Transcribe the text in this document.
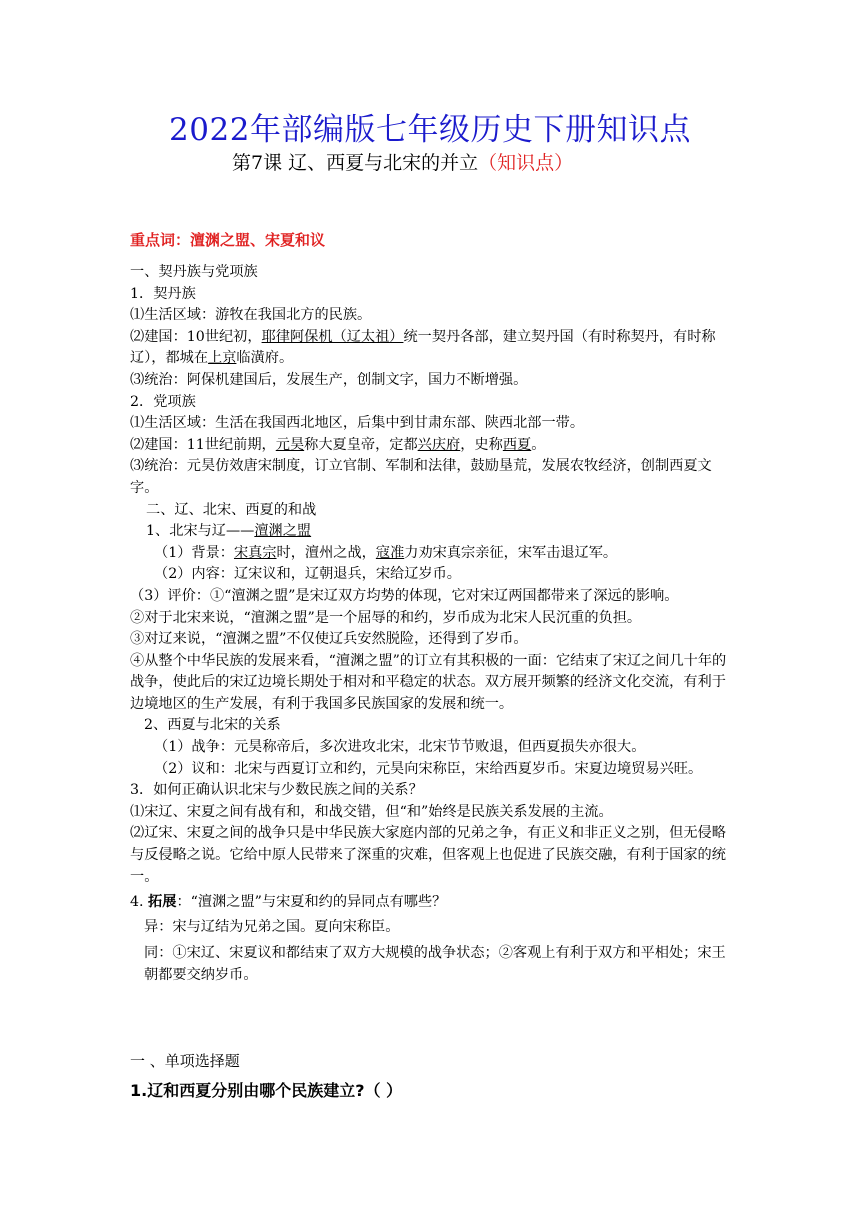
2022年部编版七年级历史下册知识点
第7课 辽、西夏与北宋的并立（知识点）
重点词：澶渊之盟、宋夏和议

一、契丹族与党项族

1．契丹族

⑴生活区域：游牧在我国北方的民族。

⑵建国：10世纪初，耶律阿保机（辽太祖）统一契丹各部，建立契丹国（有时称契丹，有时称辽），都城在上京临潢府。

⑶统治：阿保机建国后，发展生产，创制文字，国力不断增强。

2．党项族

⑴生活区域：生活在我国西北地区，后集中到甘肃东部、陕西北部一带。

⑵建国：11世纪前期，元昊称大夏皇帝，定都兴庆府，史称西夏。

⑶统治：元昊仿效唐宋制度，订立官制、军制和法律，鼓励垦荒，发展农牧经济，创制西夏文字。

二、辽、北宋、西夏的和战

1、北宋与辽——澶渊之盟

（1）背景：宋真宗时，澶州之战，寇准力劝宋真宗亲征，宋军击退辽军。

（2）内容：辽宋议和，辽朝退兵，宋给辽岁币。

（3）评价：①“澶渊之盟”是宋辽双方均势的体现，它对宋辽两国都带来了深远的影响。

②对于北宋来说，“澶渊之盟”是一个屈辱的和约，岁币成为北宋人民沉重的负担。

③对辽来说，“澶渊之盟”不仅使辽兵安然脱险，还得到了岁币。

④从整个中华民族的发展来看，“澶渊之盟”的订立有其积极的一面：它结束了宋辽之间几十年的战争，使此后的宋辽边境长期处于相对和平稳定的状态。双方展开频繁的经济文化交流，有利于边境地区的生产发展，有利于我国多民族国家的发展和统一。

2、西夏与北宋的关系

（1）战争：元昊称帝后，多次进攻北宋，北宋节节败退，但西夏损失亦很大。

（2）议和：北宋与西夏订立和约，元昊向宋称臣，宋给西夏岁币。宋夏边境贸易兴旺。

3．如何正确认识北宋与少数民族之间的关系？

⑴宋辽、宋夏之间有战有和，和战交错，但“和”始终是民族关系发展的主流。

⑵辽宋、宋夏之间的战争只是中华民族大家庭内部的兄弟之争，有正义和非正义之别，但无侵略与反侵略之说。它给中原人民带来了深重的灾难，但客观上也促进了民族交融，有利于国家的统一。

4. 拓展：“澶渊之盟”与宋夏和约的异同点有哪些？

异：宋与辽结为兄弟之国。夏向宋称臣。

同：①宋辽、宋夏议和都结束了双方大规模的战争状态；②客观上有利于双方和平相处；宋王朝都要交纳岁币。

一 、单项选择题
1.辽和西夏分别由哪个民族建立?（ ）
